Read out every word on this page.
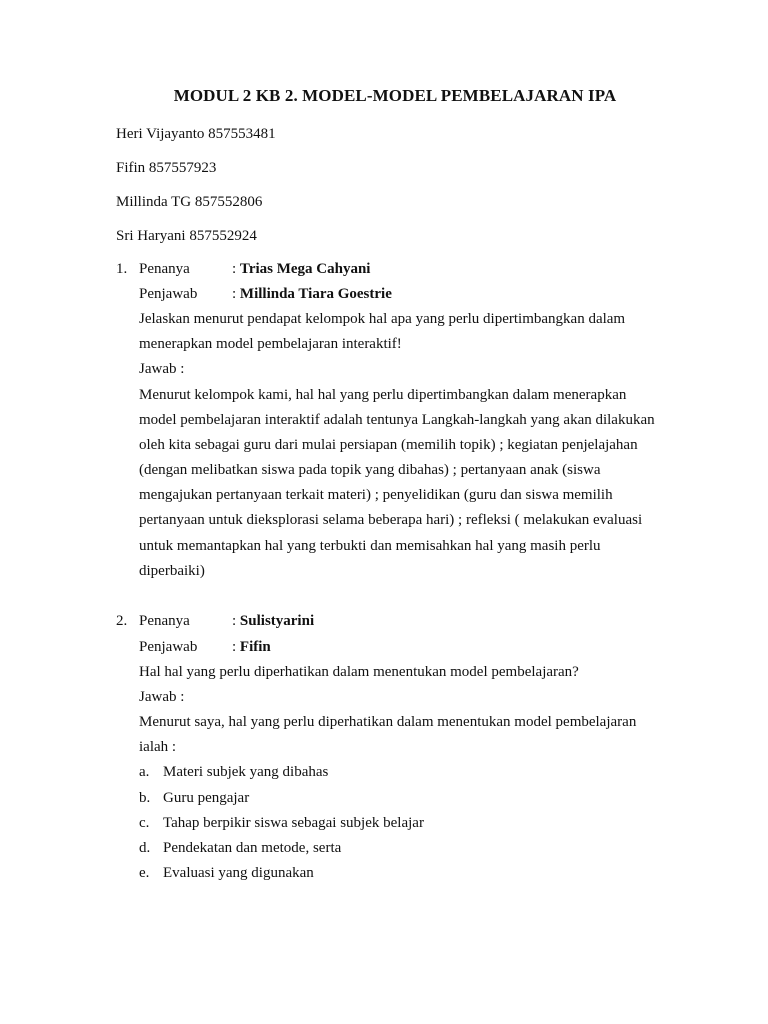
MODUL 2 KB 2. MODEL-MODEL PEMBELAJARAN IPA
Heri Vijayanto 857553481
Fifin 857557923
Millinda TG 857552806
Sri Haryani 857552924
1. Penanya	: Trias Mega Cahyani
Penjawab : Millinda Tiara Goestrie
Jelaskan menurut pendapat kelompok hal apa yang perlu dipertimbangkan dalam
menerapkan model pembelajaran interaktif!
Jawab :
Menurut kelompok kami, hal hal yang perlu dipertimbangkan dalam menerapkan
model pembelajaran interaktif adalah tentunya Langkah-langkah yang akan dilakukan
oleh kita sebagai guru dari mulai persiapan (memilih topik) ; kegiatan penjelajahan
(dengan melibatkan siswa pada topik yang dibahas) ; pertanyaan anak (siswa
mengajukan pertanyaan terkait materi) ; penyelidikan (guru dan siswa memilih
pertanyaan untuk dieksplorasi selama beberapa hari) ; refleksi ( melakukan evaluasi
untuk memantapkan hal yang terbukti dan memisahkan hal yang masih perlu
diperbaiki)
2. Penanya	: Sulistyarini
Penjawab : Fifin
Hal hal yang perlu diperhatikan dalam menentukan model pembelajaran?
Jawab :
Menurut saya, hal yang perlu diperhatikan dalam menentukan model pembelajaran
ialah :
a. Materi subjek yang dibahas
b. Guru pengajar
c. Tahap berpikir siswa sebagai subjek belajar
d. Pendekatan dan metode, serta
e. Evaluasi yang digunakan
